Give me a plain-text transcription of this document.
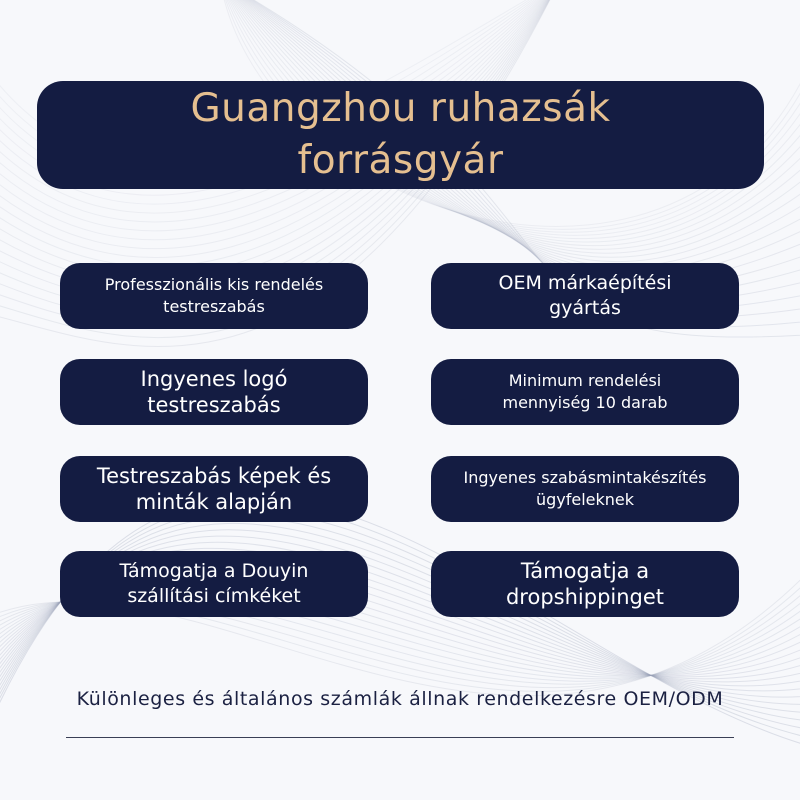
Guangzhou ruhazsák
forrásgyár
Professzionális kis rendelés
testreszabás
OEM márkaépítési
gyártás
Ingyenes logó
testreszabás
Minimum rendelési
mennyiség 10 darab
Testreszabás képek és
minták alapján
Ingyenes szabásmintakészítés
ügyfeleknek
Támogatja a Douyin
szállítási címkéket
Támogatja a
dropshippinget
Különleges és általános számlák állnak rendelkezésre OEM/ODM
